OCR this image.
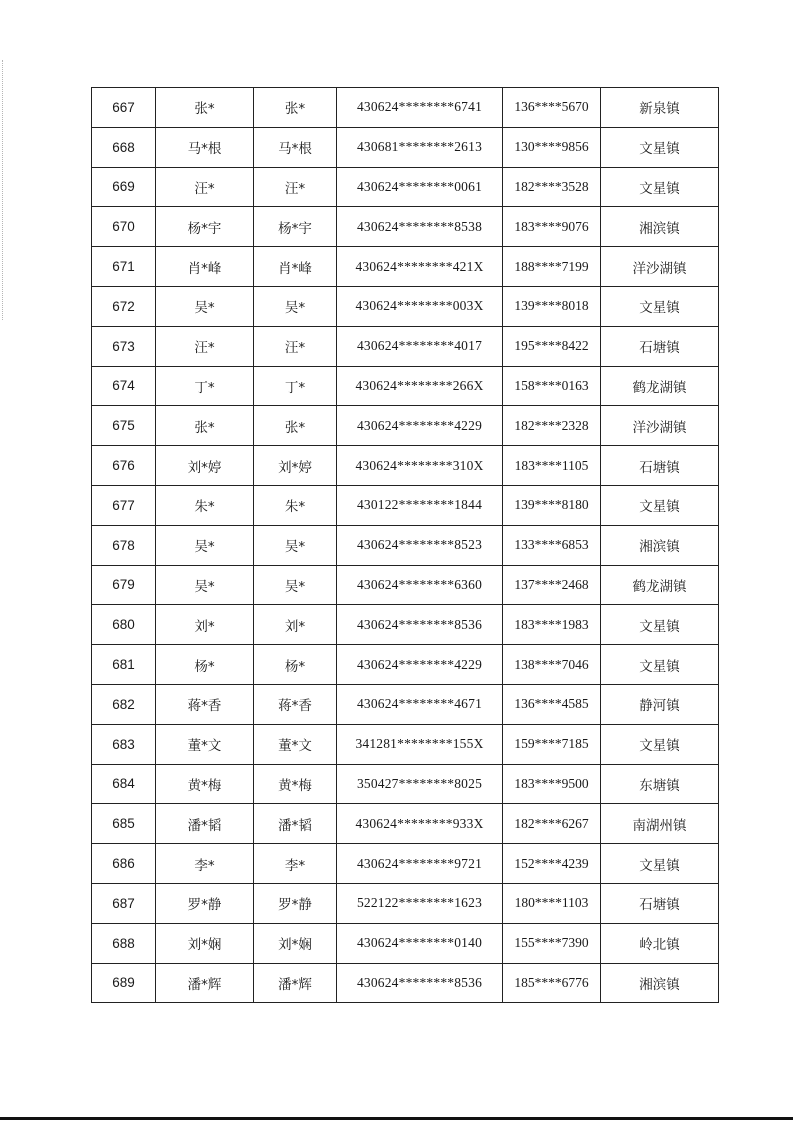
667	张*	张*	430624********6741	136****5670	新泉镇
668	马*根	马*根	430681********2613	130****9856	文星镇
669	汪*	汪*	430624********0061	182****3528	文星镇
670	杨*宇	杨*宇	430624********8538	183****9076	湘滨镇
671	肖*峰	肖*峰	430624********421X	188****7199	洋沙湖镇
672	吴*	吴*	430624********003X	139****8018	文星镇
673	汪*	汪*	430624********4017	195****8422	石塘镇
674	丁*	丁*	430624********266X	158****0163	鹤龙湖镇
675	张*	张*	430624********4229	182****2328	洋沙湖镇
676	刘*婷	刘*婷	430624********310X	183****1105	石塘镇
677	朱*	朱*	430122********1844	139****8180	文星镇
678	吴*	吴*	430624********8523	133****6853	湘滨镇
679	吴*	吴*	430624********6360	137****2468	鹤龙湖镇
680	刘*	刘*	430624********8536	183****1983	文星镇
681	杨*	杨*	430624********4229	138****7046	文星镇
682	蒋*香	蒋*香	430624********4671	136****4585	静河镇
683	董*文	董*文	341281********155X	159****7185	文星镇
684	黄*梅	黄*梅	350427********8025	183****9500	东塘镇
685	潘*韬	潘*韬	430624********933X	182****6267	南湖州镇
686	李*	李*	430624********9721	152****4239	文星镇
687	罗*静	罗*静	522122********1623	180****1103	石塘镇
688	刘*娴	刘*娴	430624********0140	155****7390	岭北镇
689	潘*辉	潘*辉	430624********8536	185****6776	湘滨镇
